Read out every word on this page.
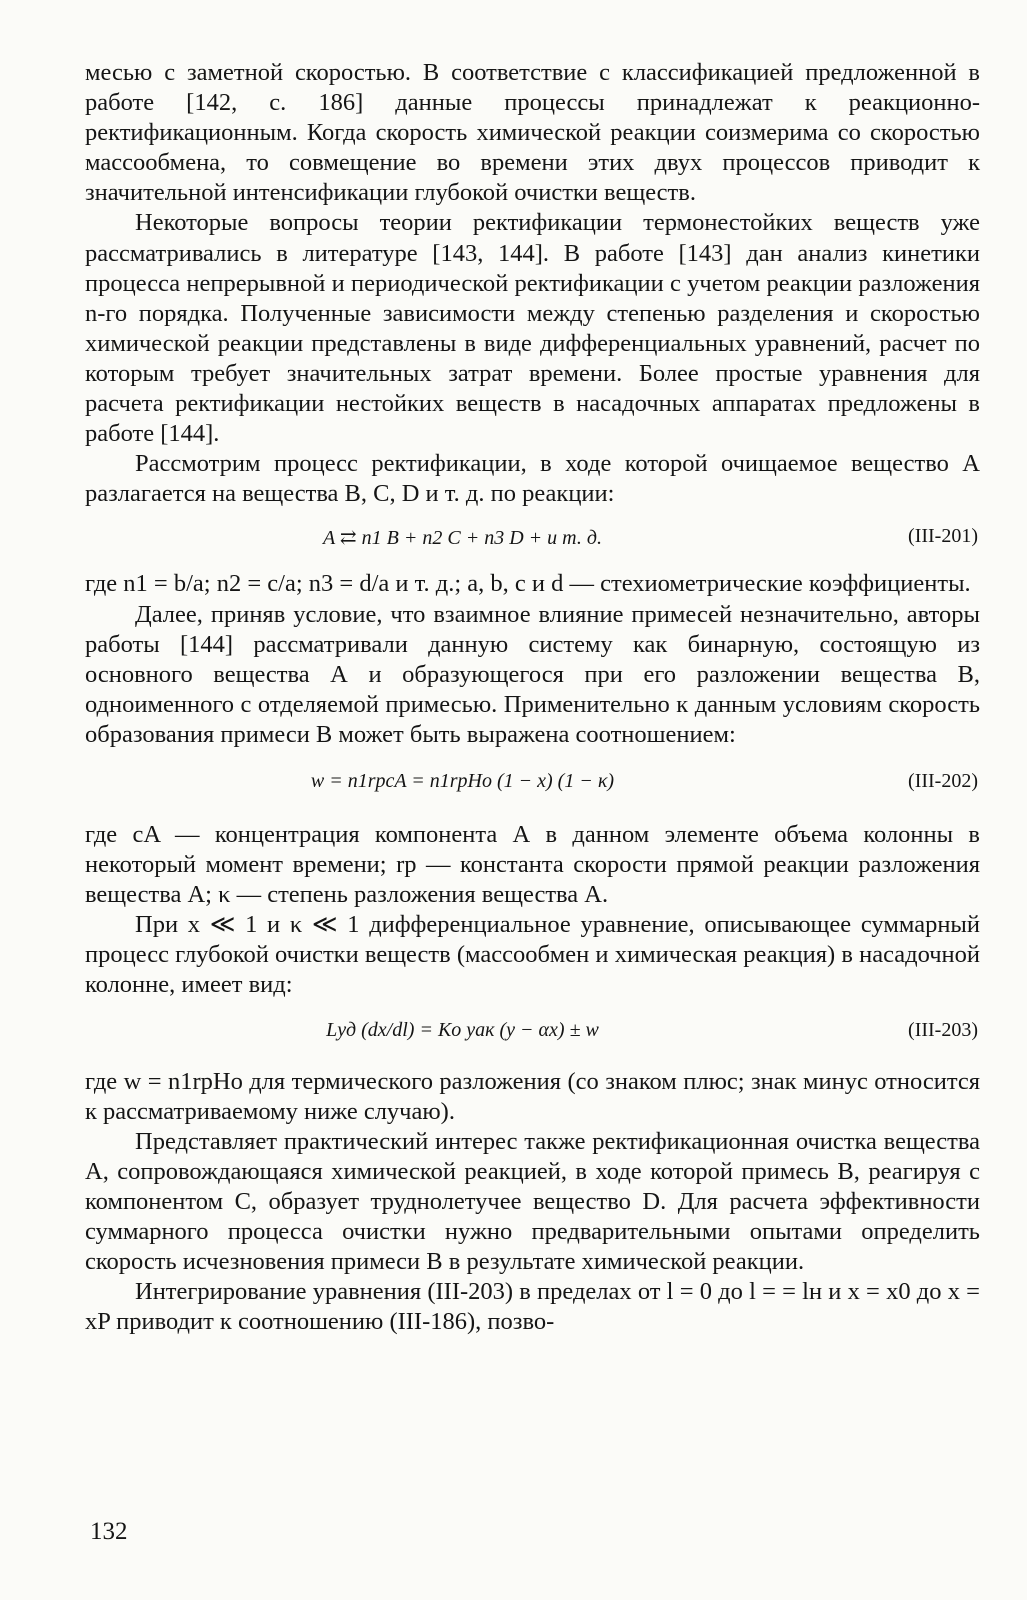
месью с заметной скоростью. В соответствие с классификацией предложенной в работе [142, с. 186] данные процессы принадлежат к реакционно-ректификационным. Когда скорость химической реакции соизмерима со скоростью массообмена, то совмещение во времени этих двух процессов приводит к значительной интенсификации глубокой очистки веществ.

Некоторые вопросы теории ректификации термонестойких веществ уже рассматривались в литературе [143, 144]. В работе [143] дан анализ кинетики процесса непрерывной и периодической ректификации с учетом реакции разложения n-го порядка. Полученные зависимости между степенью разделения и скоростью химической реакции представлены в виде дифференциальных уравнений, расчет по которым требует значительных затрат времени. Более простые уравнения для расчета ректификации нестойких веществ в насадочных аппаратах предложены в работе [144].

Рассмотрим процесс ректификации, в ходе которой очищаемое вещество А разлагается на вещества В, С, D и т. д. по реакции:

A ⇄ n1 B + n2 C + n3 D + и т. д.	(III-201)

где n1 = b/a; n2 = c/a; n3 = d/a и т. д.; a, b, c и d — стехиометрические коэффициенты.

Далее, приняв условие, что взаимное влияние примесей незначительно, авторы работы [144] рассматривали данную систему как бинарную, состоящую из основного вещества А и образующегося при его разложении вещества В, одноименного с отделяемой примесью. Применительно к данным условиям скорость образования примеси В может быть выражена соотношением:

w = n1rрcA = n1rрHо (1 − x) (1 − κ)	(III-202)

где cA — концентрация компонента А в данном элементе объема колонны в некоторый момент времени; rр — константа скорости прямой реакции разложения вещества А; κ — степень разложения вещества А.

При x ≪ 1 и κ ≪ 1 дифференциальное уравнение, описывающее суммарный процесс глубокой очистки веществ (массообмен и химическая реакция) в насадочной колонне, имеет вид:

Lуд (dx/dl) = Kо yaк (y − αx) ± w	(III-203)

где w = n1rрHо для термического разложения (со знаком плюс; знак минус относится к рассматриваемому ниже случаю).

Представляет практический интерес также ректификационная очистка вещества А, сопровождающаяся химической реакцией, в ходе которой примесь В, реагируя с компонентом С, образует труднолетучее вещество D. Для расчета эффективности суммарного процесса очистки нужно предварительными опытами определить скорость исчезновения примеси B в результате химической реакции.

Интегрирование уравнения (III-203) в пределах от l = 0 до l = = lн и x = x0 до x = xP приводит к соотношению (III-186), позво-

132
